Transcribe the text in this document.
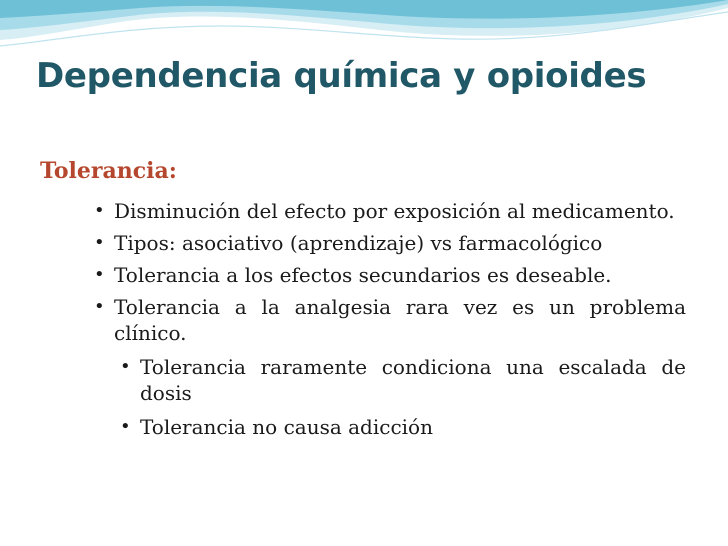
Dependencia química y opioides
Tolerancia:
• Disminución del efecto por exposición al medicamento.
• Tipos: asociativo (aprendizaje) vs farmacológico
• Tolerancia a los efectos secundarios es deseable.
• Tolerancia a la analgesia rara vez es un problema clínico.
• Tolerancia raramente condiciona una escalada de dosis
• Tolerancia no causa adicción
